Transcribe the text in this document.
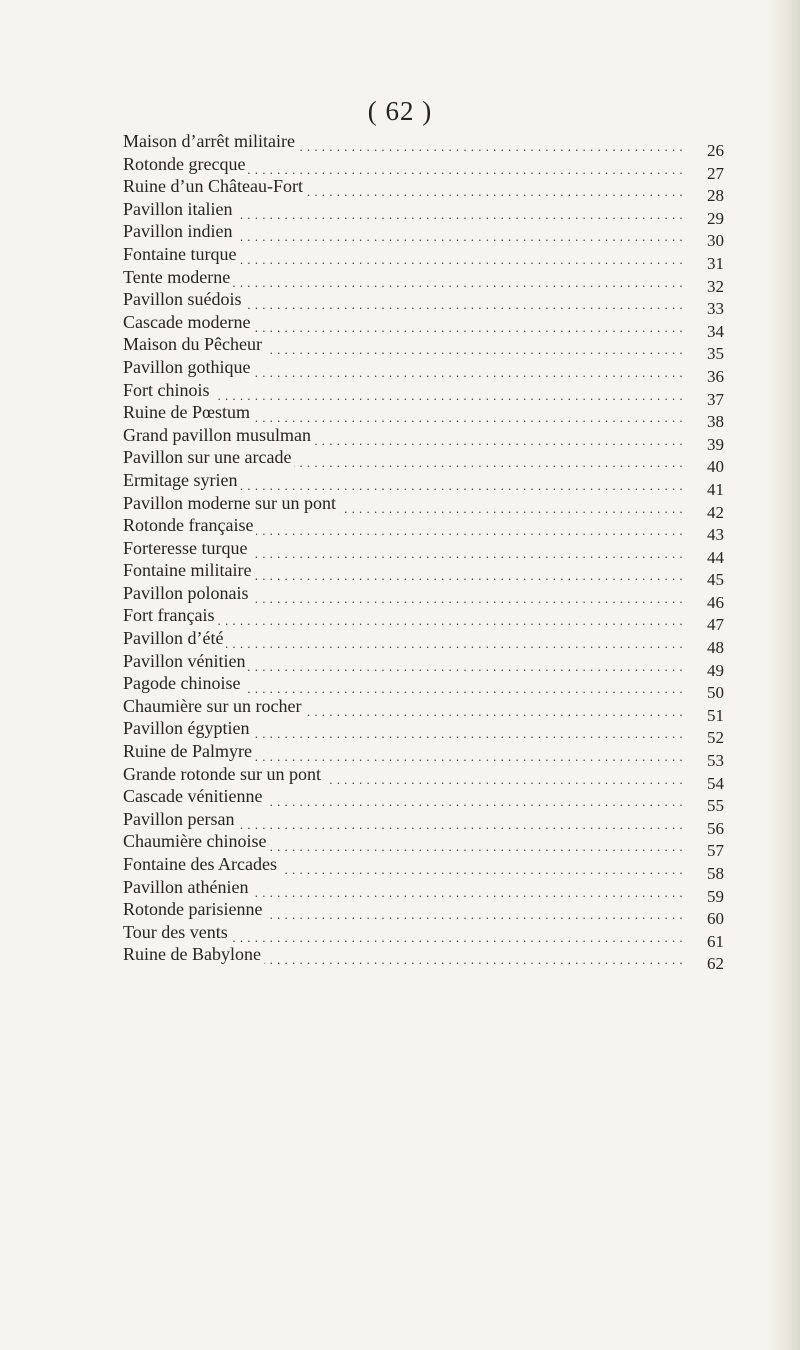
( 62 )
.....
Maison d’arrêt militaire	26
.....
Rotonde grecque	27
.....
Ruine d’un Château-Fort	28
.....
Pavillon italien	29
.....
Pavillon indien	30
.....
Fontaine turque	31
.....
Tente moderne	32
.....
Pavillon suédois	33
.....
Cascade moderne	34
.....
Maison du Pêcheur	35
.....
Pavillon gothique	36
.....
Fort chinois	37
.....
Ruine de Pœstum	38
.....
Grand pavillon musulman	39
.....
Pavillon sur une arcade	40
.....
Ermitage syrien	41
.....
Pavillon moderne sur un pont	42
.....
Rotonde française	43
.....
Forteresse turque	44
.....
Fontaine militaire	45
.....
Pavillon polonais	46
.....
Fort français	47
.....
Pavillon d’été	48
.....
Pavillon vénitien	49
.....
Pagode chinoise	50
.....
Chaumière sur un rocher	51
.....
Pavillon égyptien	52
.....
Ruine de Palmyre	53
.....
Grande rotonde sur un pont	54
.....
Cascade vénitienne	55
.....
Pavillon persan	56
.....
Chaumière chinoise	57
.....
Fontaine des Arcades	58
.....
Pavillon athénien	59
.....
Rotonde parisienne	60
.....
Tour des vents	61
.....
Ruine de Babylone	62
